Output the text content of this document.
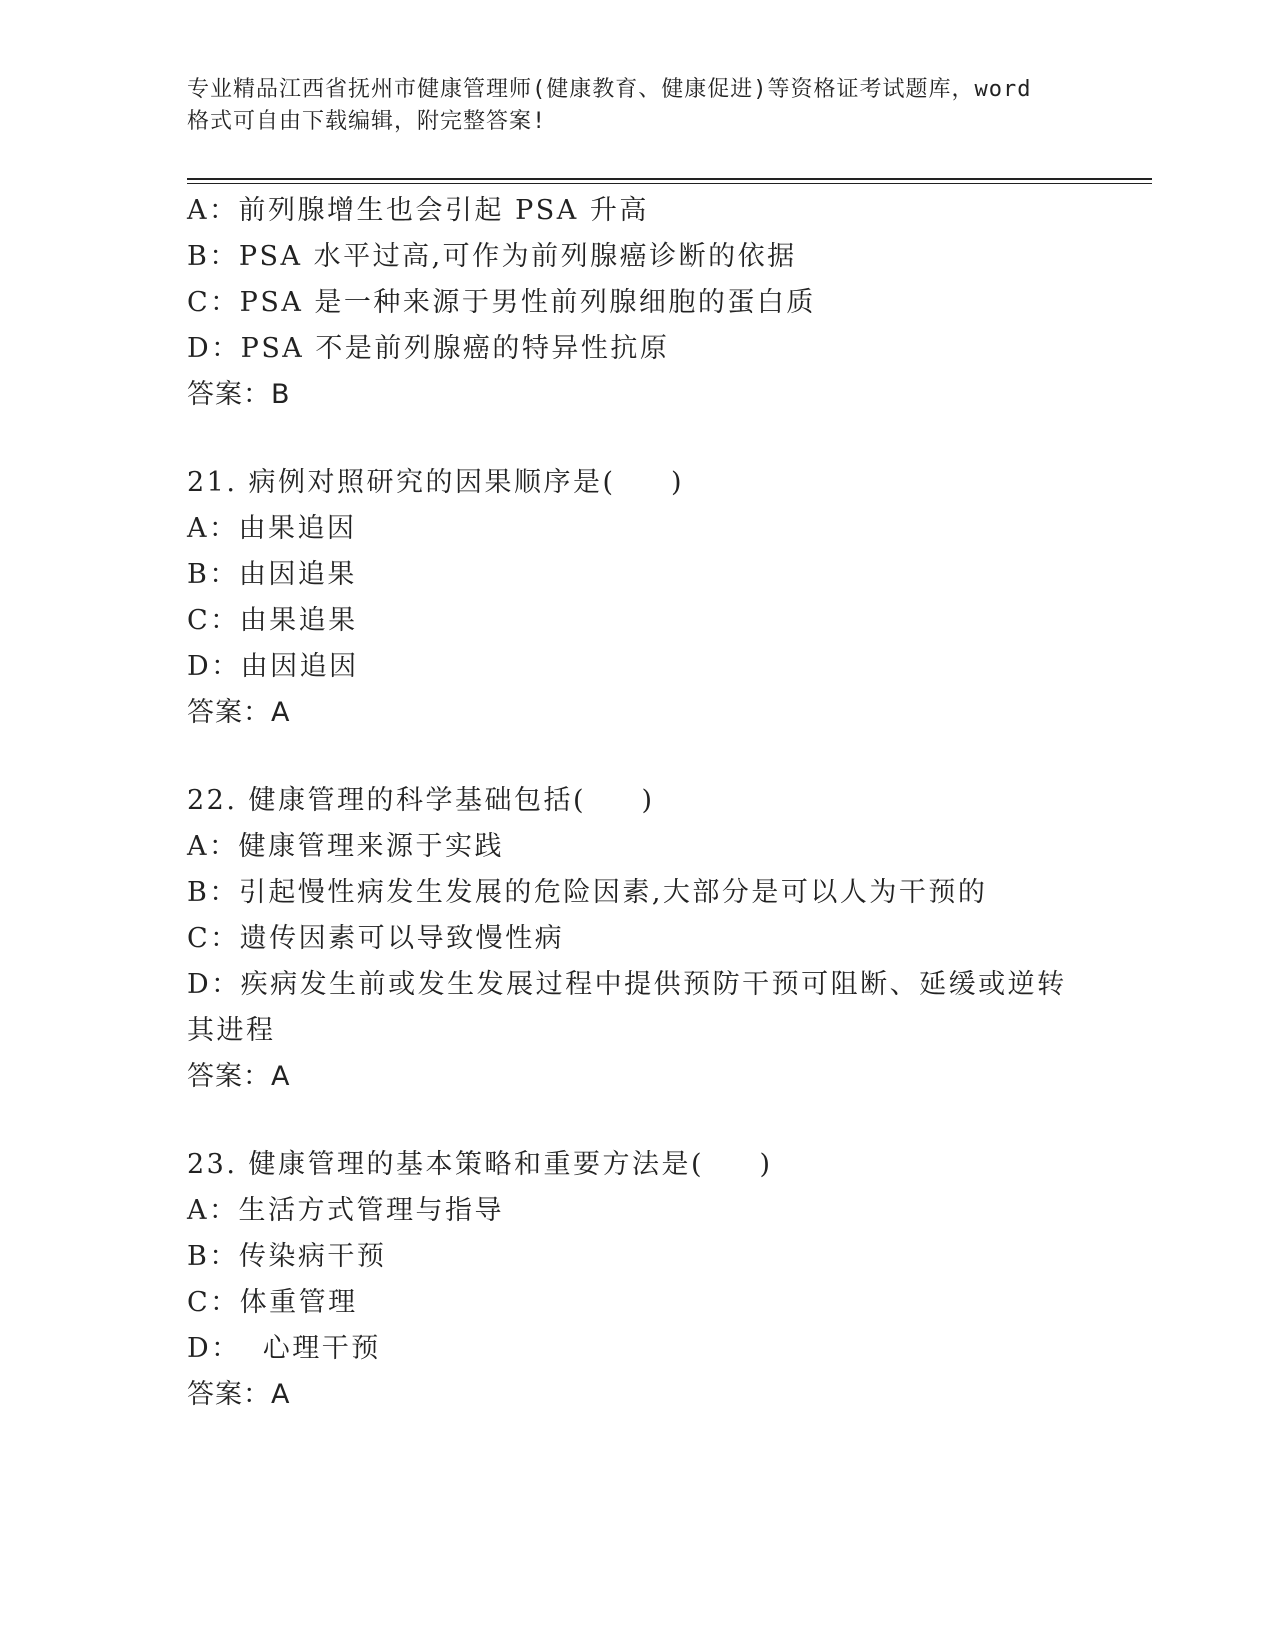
专业精品江西省抚州市健康管理师(健康教育、健康促进)等资格证考试题库，word
格式可自由下载编辑，附完整答案!

A：前列腺增生也会引起 PSA 升高

B：PSA 水平过高,可作为前列腺癌诊断的依据

C：PSA 是一种来源于男性前列腺细胞的蛋白质

D：PSA 不是前列腺癌的特异性抗原

答案：B

21. 病例对照研究的因果顺序是(     )

A：由果追因

B：由因追果

C：由果追果

D：由因追因

答案：A

22. 健康管理的科学基础包括(     )

A：健康管理来源于实践

B：引起慢性病发生发展的危险因素,大部分是可以人为干预的

C：遗传因素可以导致慢性病

D：疾病发生前或发生发展过程中提供预防干预可阻断、延缓或逆转其进程

答案：A

23. 健康管理的基本策略和重要方法是(     )

A：生活方式管理与指导

B：传染病干预

C：体重管理

D：  心理干预

答案：A
